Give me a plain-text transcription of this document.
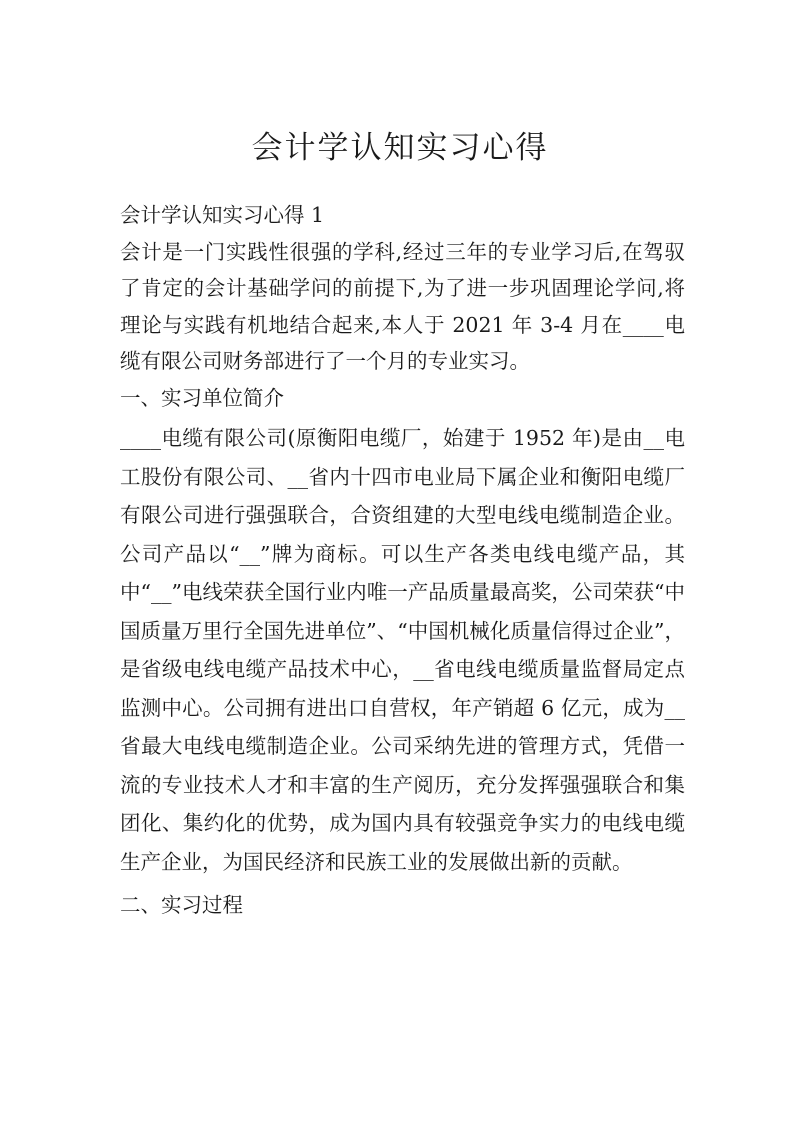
会计学认知实习心得

会计学认知实习心得 1

会计是一门实践性很强的学科,经过三年的专业学习后,在驾驭了肯定的会计基础学问的前提下,为了进一步巩固理论学问,将理论与实践有机地结合起来,本人于 2021 年 3-4 月在____电缆有限公司财务部进行了一个月的专业实习。

一、实习单位简介

____电缆有限公司(原衡阳电缆厂，始建于 1952 年)是由__电工股份有限公司、__省内十四市电业局下属企业和衡阳电缆厂有限公司进行强强联合，合资组建的大型电线电缆制造企业。公司产品以“__”牌为商标。可以生产各类电线电缆产品，其中“__”电线荣获全国行业内唯一产品质量最高奖，公司荣获“中国质量万里行全国先进单位”、“中国机械化质量信得过企业”，是省级电线电缆产品技术中心，__省电线电缆质量监督局定点监测中心。公司拥有进出口自营权，年产销超 6 亿元，成为__省最大电线电缆制造企业。公司采纳先进的管理方式，凭借一流的专业技术人才和丰富的生产阅历，充分发挥强强联合和集团化、集约化的优势，成为国内具有较强竞争实力的电线电缆生产企业，为国民经济和民族工业的发展做出新的贡献。

二、实习过程
